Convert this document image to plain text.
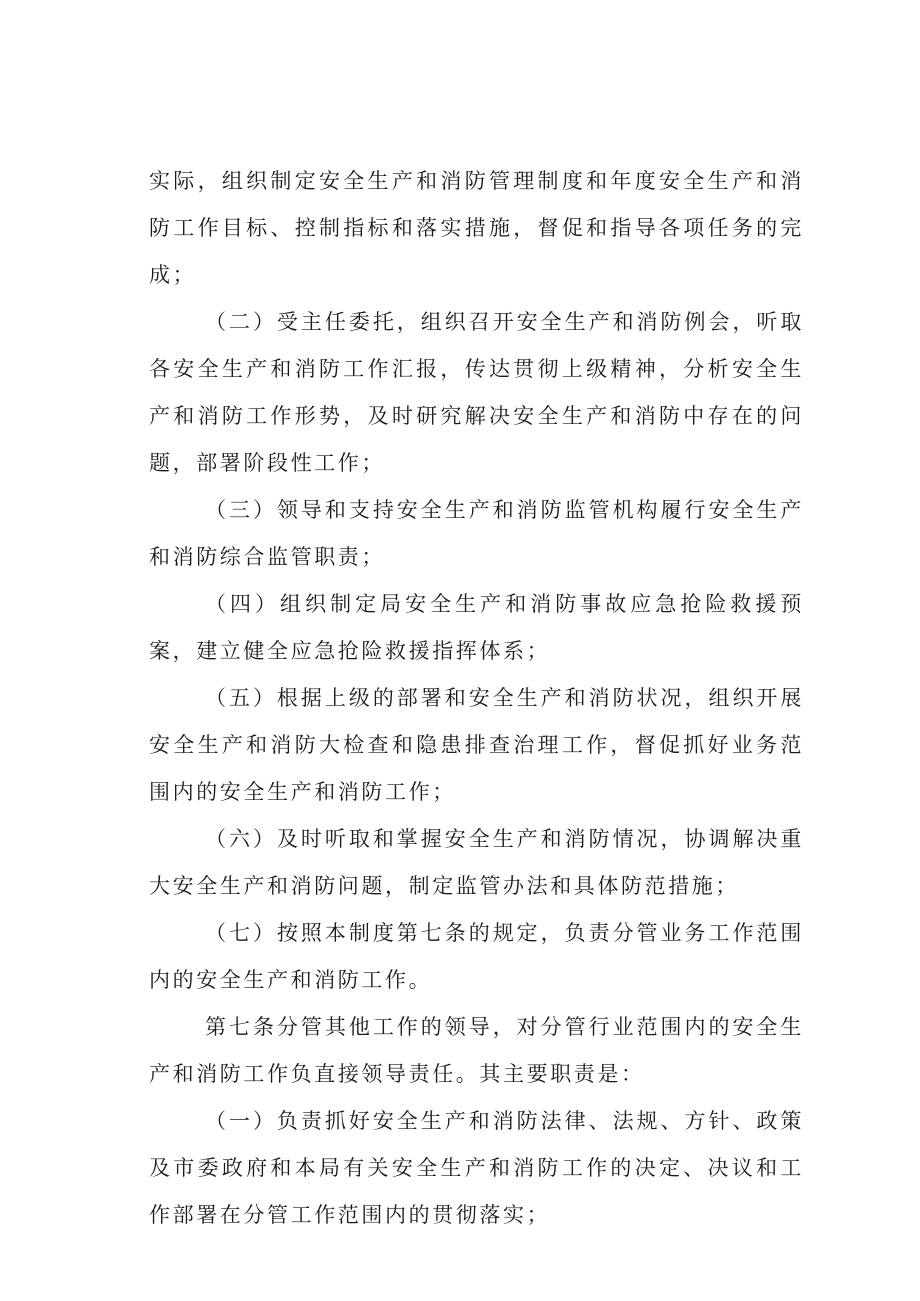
实际，组织制定安全生产和消防管理制度和年度安全生产和消防工作目标、控制指标和落实措施，督促和指导各项任务的完成；

（二）受主任委托，组织召开安全生产和消防例会，听取各安全生产和消防工作汇报，传达贯彻上级精神，分析安全生产和消防工作形势，及时研究解决安全生产和消防中存在的问题，部署阶段性工作；

（三）领导和支持安全生产和消防监管机构履行安全生产和消防综合监管职责；

（四）组织制定局安全生产和消防事故应急抢险救援预案，建立健全应急抢险救援指挥体系；

（五）根据上级的部署和安全生产和消防状况，组织开展安全生产和消防大检查和隐患排查治理工作，督促抓好业务范围内的安全生产和消防工作；

（六）及时听取和掌握安全生产和消防情况，协调解决重大安全生产和消防问题，制定监管办法和具体防范措施；

（七）按照本制度第七条的规定，负责分管业务工作范围内的安全生产和消防工作。

第七条分管其他工作的领导，对分管行业范围内的安全生产和消防工作负直接领导责任。其主要职责是：

（一）负责抓好安全生产和消防法律、法规、方针、政策及市委政府和本局有关安全生产和消防工作的决定、决议和工作部署在分管工作范围内的贯彻落实；
